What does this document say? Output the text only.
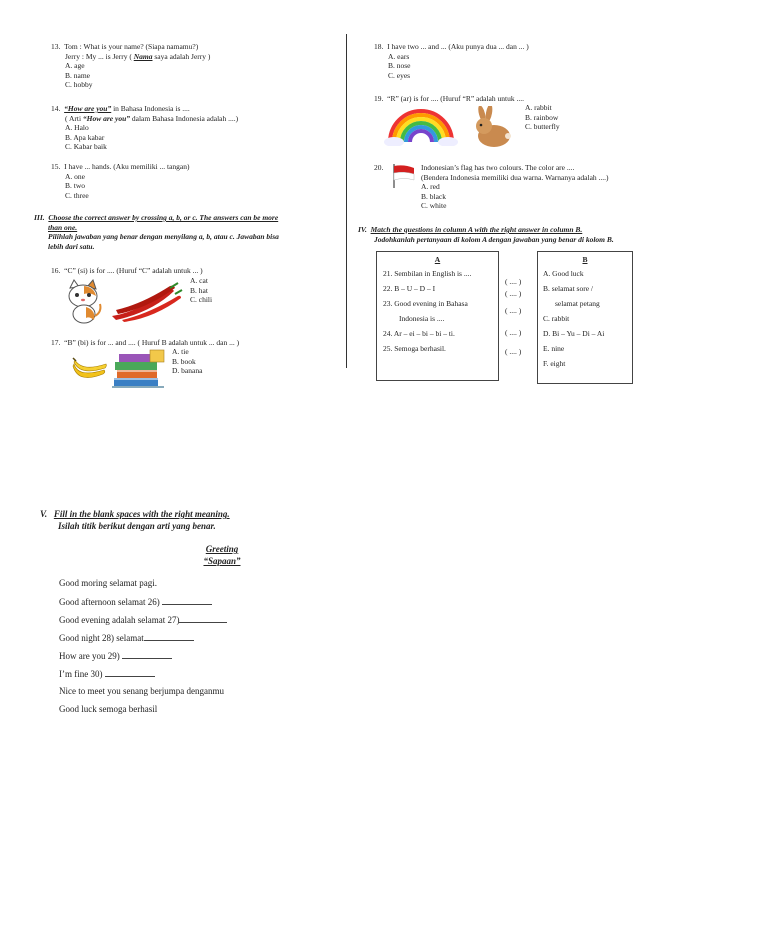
13. Tom : What is your name? (Siapa namamu?)
Jerry : My ... is Jerry ( Nama saya adalah Jerry )
A. age
B. name
C. hobby
14. “How are you” in Bahasa Indonesia is ....
( Arti “How are you” dalam Bahasa Indonesia adalah ....)
A. Halo
B. Apa kabar
C. Kabar baik
15. I have ... hands. (Aku memiliki ... tangan)
A. one
B. two
C. three
III. Choose the correct answer by crossing a, b, or c. The answers can be more
than one.
Pilihlah jawaban yang benar dengan menyilang a, b, atau c. Jawaban bisa
lebih dari satu.
16. “C” (si) is for .... (Huruf “C” adalah untuk ... )
A. cat
B. hat
C. chili
17. “B” (bi) is for ... and .... ( Huruf B adalah untuk ... dan ... )
A. tie
B. book
D. banana
18. I have two ... and ... (Aku punya dua ... dan ... )
A. ears
B. nose
C. eyes
19. “R” (ar) is for .... (Huruf “R” adalah untuk ....
A. rabbit
B. rainbow
C. butterfly
20.	Indonesian’s flag has two colours. The color are ....
(Bendera Indonesia memiliki dua warna. Warnanya adalah ....)
A. red
B. black
C. white
IV. Match the questions in column A with the right answer in column B.
Jodohkanlah pertanyaan di kolom A dengan jawaban yang benar di kolom B.
A
21. Sembilan in English is ....
22. B – U – D – I
23. Good evening in Bahasa
Indonesia is ....
24. Ar – ei – bi – bi – ti.
25. Semoga berhasil.
( .... )
( .... )
( .... )
( .... )
( .... )
B
A. Good luck
B. selamat sore /
selamat petang
C. rabbit
D. Bi – Yu – Di – Ai
E. nine
F. eight
V. Fill in the blank spaces with the right meaning.
Isilah titik berikut dengan arti yang benar.
Greeting
“Sapaan”
Good moring selamat pagi.
Good afternoon selamat 26)
Good evening adalah selamat 27)
Good night 28) selamat
How are you 29)
I’m fine 30)
Nice to meet you senang berjumpa denganmu
Good luck semoga berhasil
